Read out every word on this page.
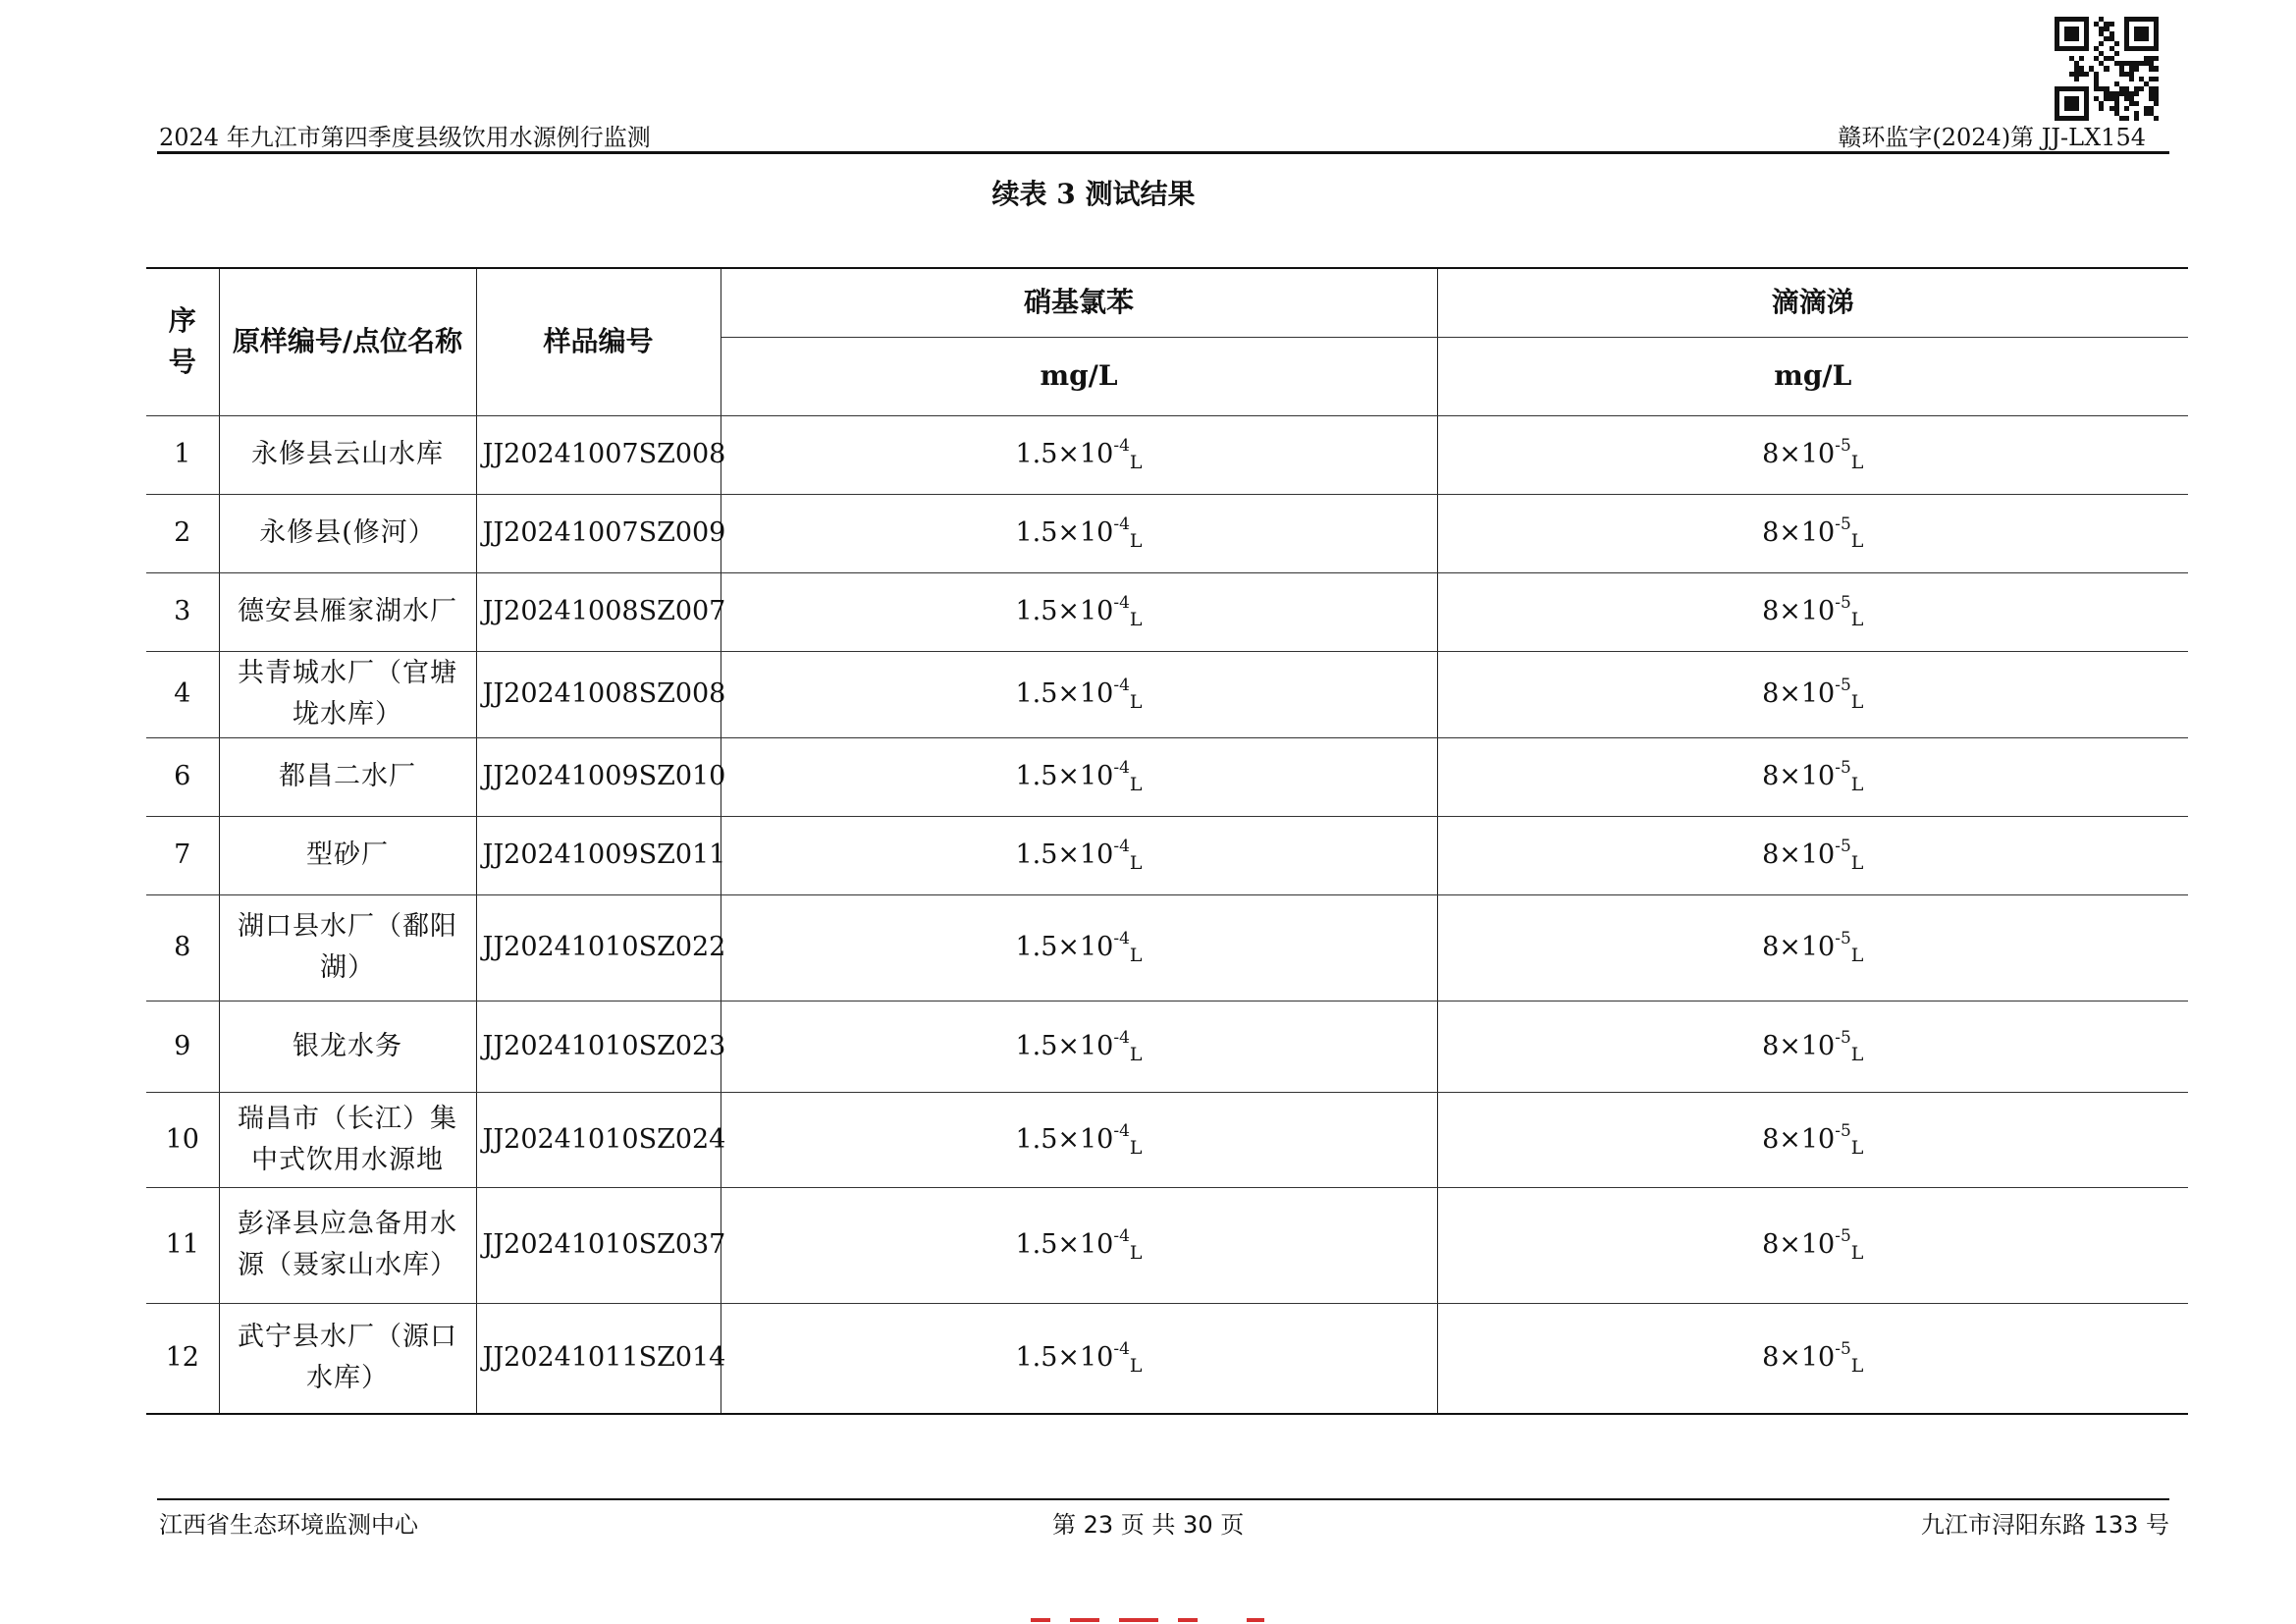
2024 年九江市第四季度县级饮用水源例行监测	赣环监字(2024)第 JJ-LX154
续表 3 测试结果
序
号	原样编号/点位名称	样品编号	硝基氯苯	滴滴涕
			mg/L	mg/L
1	永修县云山水库	JJ20241007SZ008	$1.5\times 10^{-4}_L$	$8\times 10^{-5}_L$
2	永修县(修河）	JJ20241007SZ009	$1.5\times 10^{-4}_L$	$8\times 10^{-5}_L$
3	德安县雁家湖水厂	JJ20241008SZ007	$1.5\times 10^{-4}_L$	$8\times 10^{-5}_L$
4	共青城水厂（官塘垅水库）	JJ20241008SZ008	$1.5\times 10^{-4}_L$	$8\times 10^{-5}_L$
6	都昌二水厂	JJ20241009SZ010	$1.5\times 10^{-4}_L$	$8\times 10^{-5}_L$
7	型砂厂	JJ20241009SZ011	$1.5\times 10^{-4}_L$	$8\times 10^{-5}_L$
8	湖口县水厂（鄱阳湖）	JJ20241010SZ022	$1.5\times 10^{-4}_L$	$8\times 10^{-5}_L$
9	银龙水务	JJ20241010SZ023	$1.5\times 10^{-4}_L$	$8\times 10^{-5}_L$
10	瑞昌市（长江）集中式饮用水源地	JJ20241010SZ024	$1.5\times 10^{-4}_L$	$8\times 10^{-5}_L$
11	彭泽县应急备用水源（聂家山水库）	JJ20241010SZ037	$1.5\times 10^{-4}_L$	$8\times 10^{-5}_L$
12	武宁县水厂（源口水库）	JJ20241011SZ014	$1.5\times 10^{-4}_L$	$8\times 10^{-5}_L$
江西省生态环境监测中心	第 23 页 共 30 页	九江市浔阳东路 133 号
